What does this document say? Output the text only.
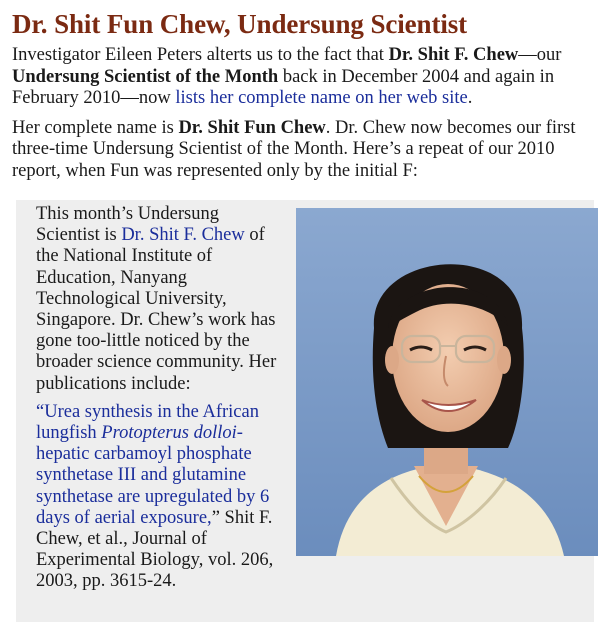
Dr. Shit Fun Chew, Undersung Scientist

Investigator Eileen Peters alterts us to the fact that Dr. Shit F. Chew—our Undersung Scientist of the Month back in December 2004 and again in February 2010—now lists her complete name on her web site.

Her complete name is Dr. Shit Fun Chew. Dr. Chew now becomes our first three-time Undersung Scientist of the Month. Here’s a repeat of our 2010 report, when Fun was represented only by the initial F:

This month’s Undersung Scientist is Dr. Shit F. Chew of the National Institute of Education, Nanyang Technological University, Singapore. Dr. Chew’s work has gone too-little noticed by the broader science community. Her publications include:

“Urea synthesis in the African lungfish Protopterus dolloi-hepatic carbamoyl phosphate synthetase III and glutamine synthetase are upregulated by 6 days of aerial exposure,” Shit F. Chew, et al., Journal of Experimental Biology, vol. 206, 2003, pp. 3615-24.
